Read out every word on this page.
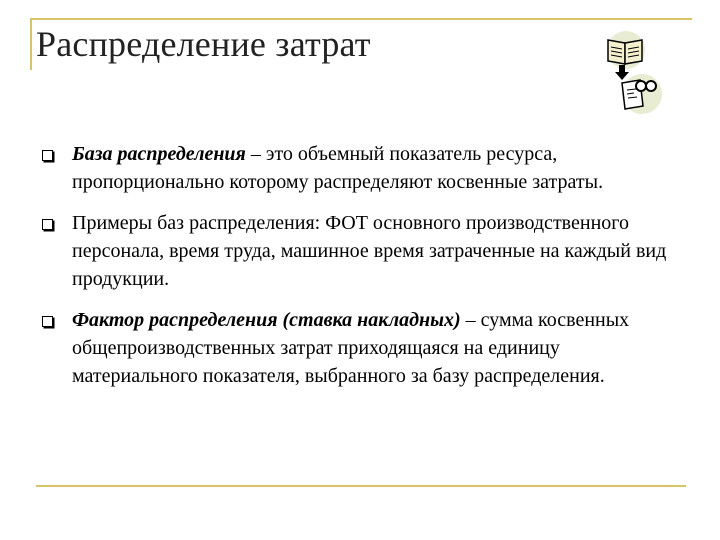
Распределение затрат
База распределения – это объемный показатель ресурса, пропорционально которому распределяют косвенные затраты.
Примеры баз распределения: ФОТ основного производственного персонала, время труда, машинное время затраченные на каждый вид продукции.
Фактор распределения (ставка накладных) – сумма косвенных общепроизводственных затрат приходящаяся на единицу материального показателя, выбранного за базу распределения.
